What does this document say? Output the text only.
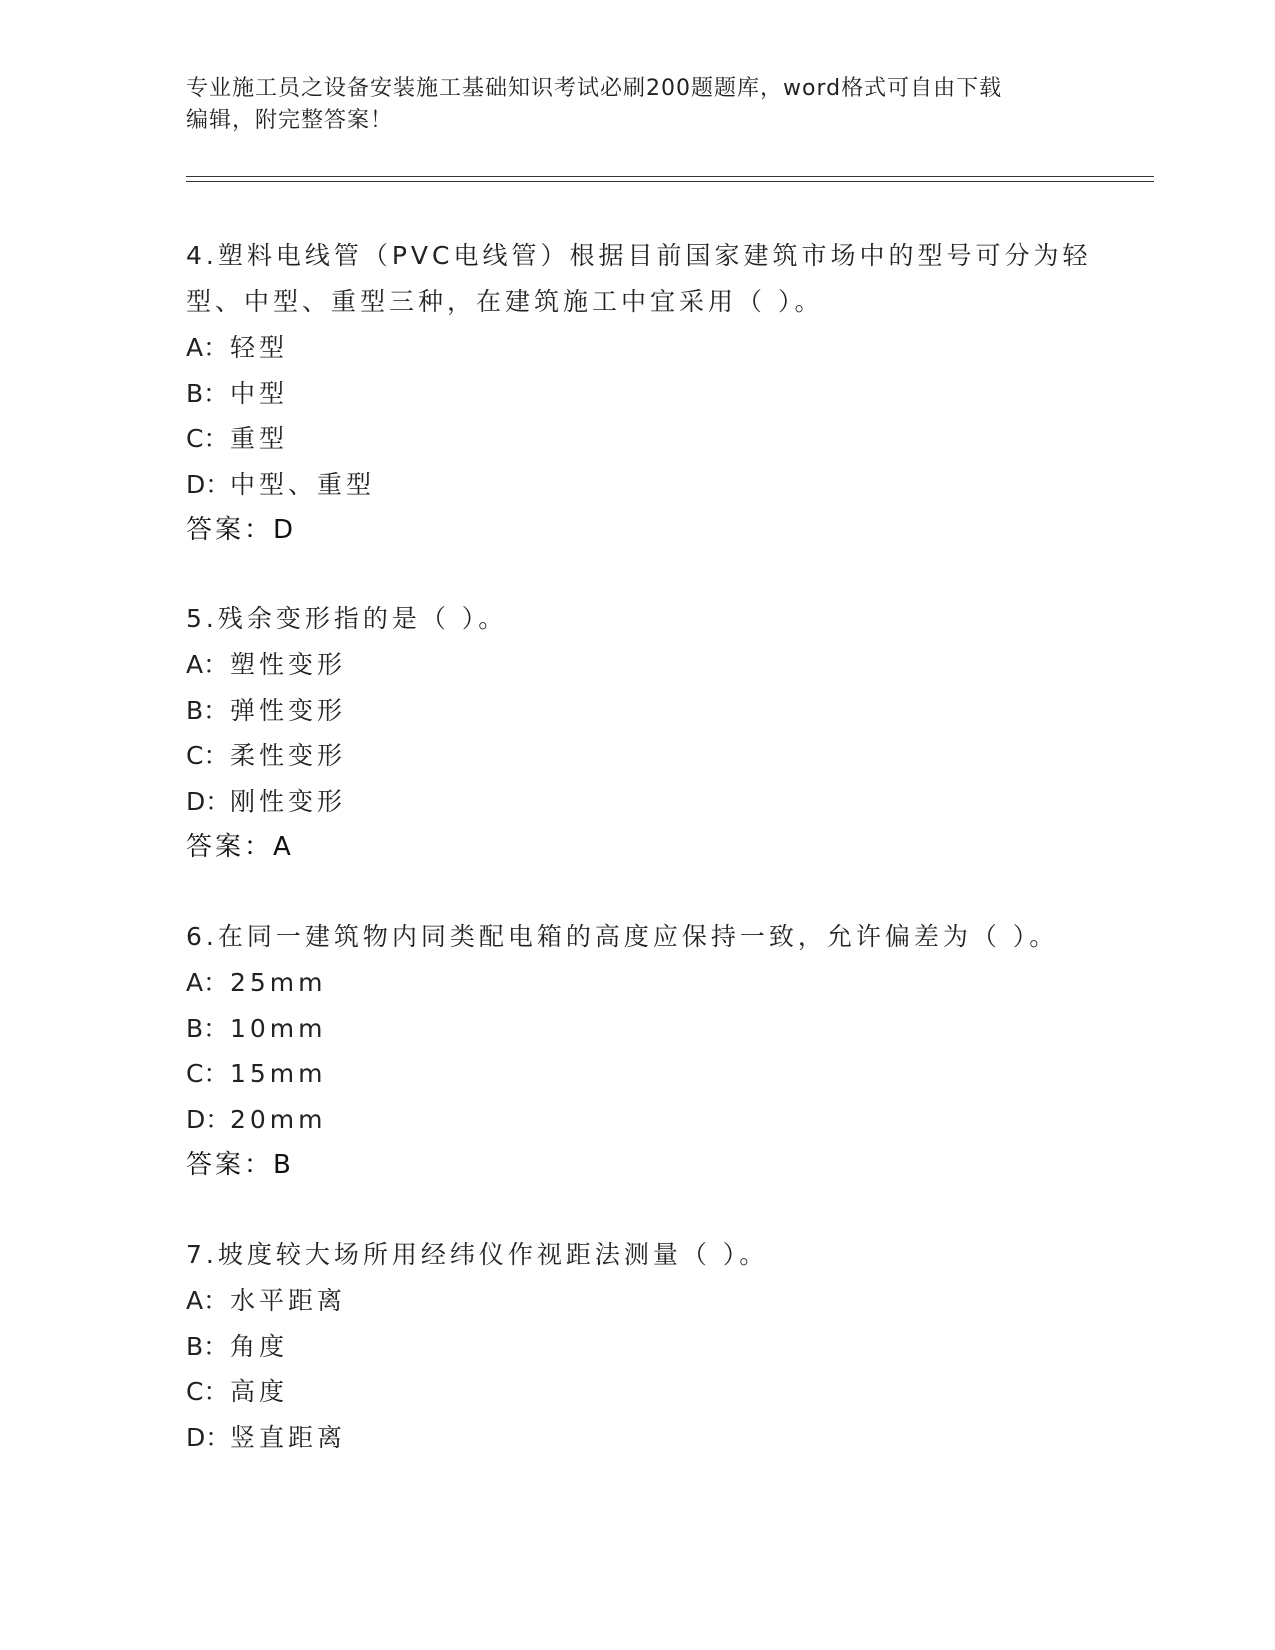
专业施工员之设备安装施工基础知识考试必刷200题题库，word格式可自由下载
编辑，附完整答案！

4.塑料电线管（PVC电线管）根据目前国家建筑市场中的型号可分为轻
型、中型、重型三种，在建筑施工中宜采用（ ）。

A：轻型

B：中型

C：重型

D：中型、重型

答案：D

5.残余变形指的是（ ）。

A：塑性变形

B：弹性变形

C：柔性变形

D：刚性变形

答案：A

6.在同一建筑物内同类配电箱的高度应保持一致，允许偏差为（ ）。

A：25mm

B：10mm

C：15mm

D：20mm

答案：B

7.坡度较大场所用经纬仪作视距法测量（ ）。

A：水平距离

B：角度

C：高度

D：竖直距离
